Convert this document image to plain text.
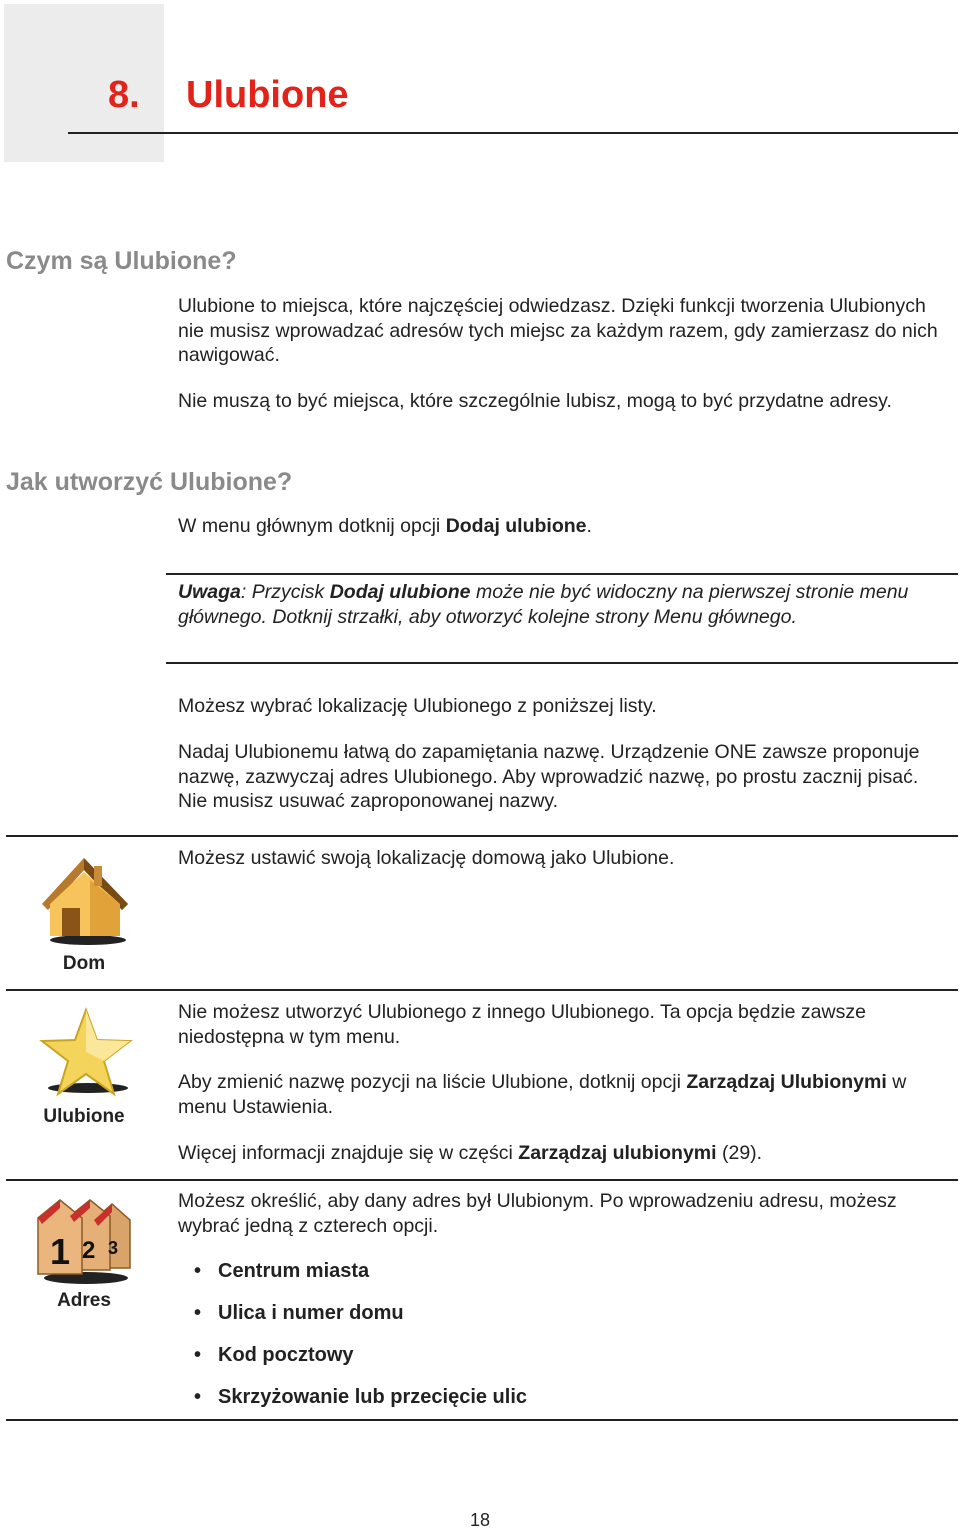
8. Ulubione
Czym są Ulubione?
Ulubione to miejsca, które najczęściej odwiedzasz. Dzięki funkcji tworzenia Ulubionych nie musisz wprowadzać adresów tych miejsc za każdym razem, gdy zamierzasz do nich nawigować.
Nie muszą to być miejsca, które szczególnie lubisz, mogą to być przydatne adresy.
Jak utworzyć Ulubione?
W menu głównym dotknij opcji Dodaj ulubione.
Uwaga: Przycisk Dodaj ulubione może nie być widoczny na pierwszej stronie menu głównego. Dotknij strzałki, aby otworzyć kolejne strony Menu głównego.
Możesz wybrać lokalizację Ulubionego z poniższej listy.
Nadaj Ulubionemu łatwą do zapamiętania nazwę. Urządzenie ONE zawsze proponuje nazwę, zazwyczaj adres Ulubionego. Aby wprowadzić nazwę, po prostu zacznij pisać. Nie musisz usuwać zaproponowanej nazwy.
Dom
Możesz ustawić swoją lokalizację domową jako Ulubione.
Ulubione
Nie możesz utworzyć Ulubionego z innego Ulubionego. Ta opcja będzie zawsze niedostępna w tym menu.
Aby zmienić nazwę pozycji na liście Ulubione, dotknij opcji Zarządzaj Ulubionymi w menu Ustawienia.
Więcej informacji znajduje się w części Zarządzaj ulubionymi (29).
1 2 3
Adres
Możesz określić, aby dany adres był Ulubionym. Po wprowadzeniu adresu, możesz wybrać jedną z czterech opcji.
• Centrum miasta
• Ulica i numer domu
• Kod pocztowy
• Skrzyżowanie lub przecięcie ulic
18
